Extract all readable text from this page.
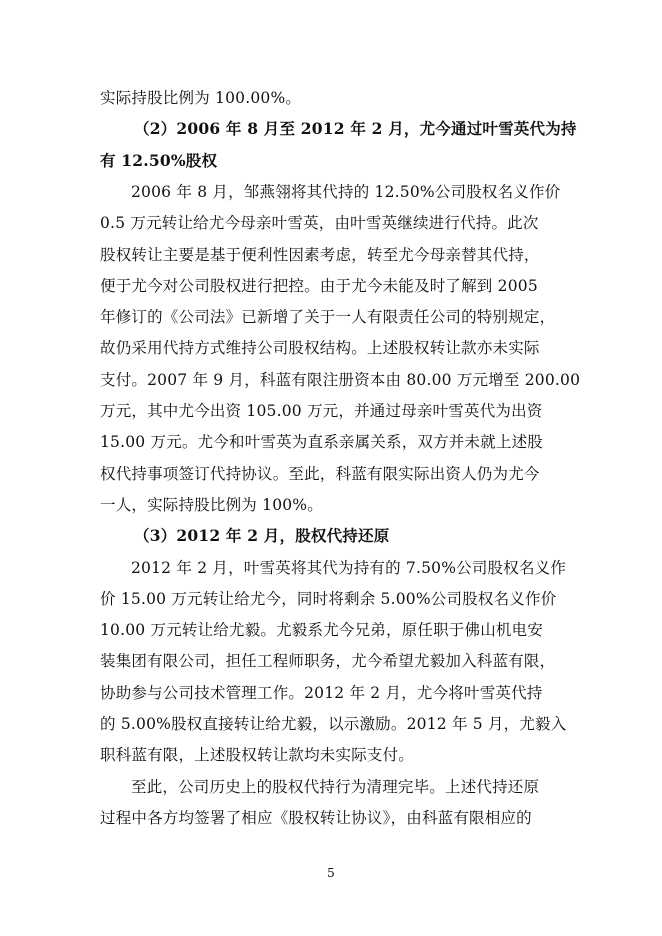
实际持股比例为 100.00%。
（2）2006 年 8 月至 2012 年 2 月，尤今通过叶雪英代为持
有 12.50%股权
2006 年 8 月，邹燕翎将其代持的 12.50%公司股权名义作价
0.5 万元转让给尤今母亲叶雪英，由叶雪英继续进行代持。此次
股权转让主要是基于便利性因素考虑，转至尤今母亲替其代持，
便于尤今对公司股权进行把控。由于尤今未能及时了解到 2005
年修订的《公司法》已新增了关于一人有限责任公司的特别规定，
故仍采用代持方式维持公司股权结构。上述股权转让款亦未实际
支付。2007 年 9 月，科蓝有限注册资本由 80.00 万元增至 200.00
万元，其中尤今出资 105.00 万元，并通过母亲叶雪英代为出资
15.00 万元。尤今和叶雪英为直系亲属关系，双方并未就上述股
权代持事项签订代持协议。至此，科蓝有限实际出资人仍为尤今
一人，实际持股比例为 100%。
（3）2012 年 2 月，股权代持还原
2012 年 2 月，叶雪英将其代为持有的 7.50%公司股权名义作
价 15.00 万元转让给尤今，同时将剩余 5.00%公司股权名义作价
10.00 万元转让给尤毅。尤毅系尤今兄弟，原任职于佛山机电安
装集团有限公司，担任工程师职务，尤今希望尤毅加入科蓝有限，
协助参与公司技术管理工作。2012 年 2 月，尤今将叶雪英代持
的 5.00%股权直接转让给尤毅，以示激励。2012 年 5 月，尤毅入
职科蓝有限，上述股权转让款均未实际支付。
至此，公司历史上的股权代持行为清理完毕。上述代持还原
过程中各方均签署了相应《股权转让协议》，由科蓝有限相应的
5
